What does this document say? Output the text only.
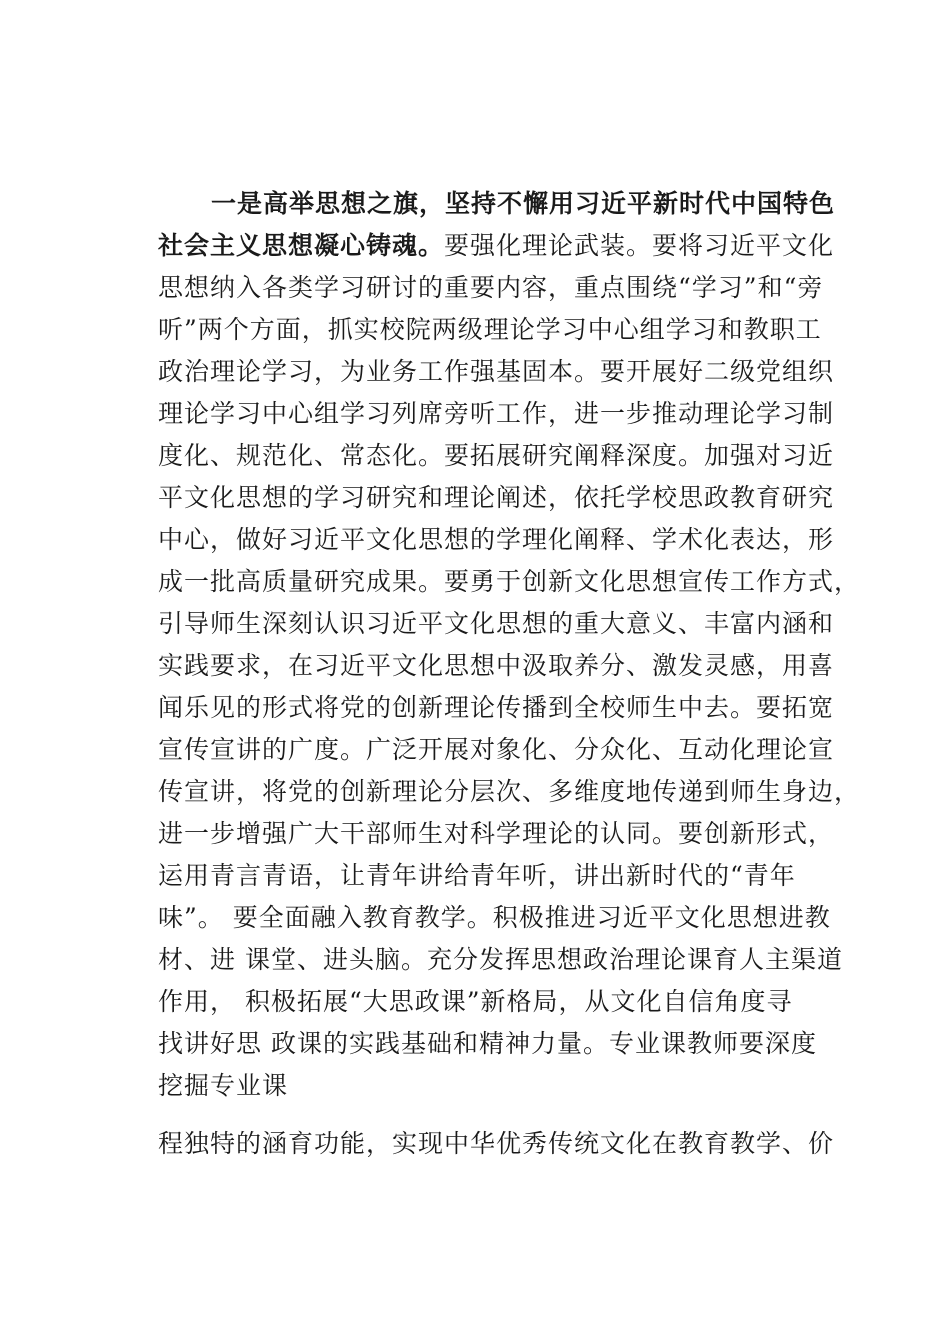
一是高举思想之旗，坚持不懈用习近平新时代中国特色
社会主义思想凝心铸魂。要强化理论武装。要将习近平文化
思想纳入各类学习研讨的重要内容，重点围绕“学习”和“旁
听”两个方面，抓实校院两级理论学习中心组学习和教职工
政治理论学习，为业务工作强基固本。要开展好二级党组织
理论学习中心组学习列席旁听工作，进一步推动理论学习制
度化、规范化、常态化。要拓展研究阐释深度。加强对习近
平文化思想的学习研究和理论阐述，依托学校思政教育研究
中心，做好习近平文化思想的学理化阐释、学术化表达，形
成一批高质量研究成果。要勇于创新文化思想宣传工作方式，
引导师生深刻认识习近平文化思想的重大意义、丰富内涵和
实践要求，在习近平文化思想中汲取养分、激发灵感，用喜
闻乐见的形式将党的创新理论传播到全校师生中去。要拓宽
宣传宣讲的广度。广泛开展对象化、分众化、互动化理论宣
传宣讲，将党的创新理论分层次、多维度地传递到师生身边，
进一步增强广大干部师生对科学理论的认同。要创新形式，
运用青言青语，让青年讲给青年听，讲出新时代的“青年
味”。 要全面融入教育教学。积极推进习近平文化思想进教
材、进 课堂、进头脑。充分发挥思想政治理论课育人主渠道
作用， 积极拓展“大思政课”新格局，从文化自信角度寻
找讲好思 政课的实践基础和精神力量。专业课教师要深度
挖掘专业课
程独特的涵育功能，实现中华优秀传统文化在教育教学、价
